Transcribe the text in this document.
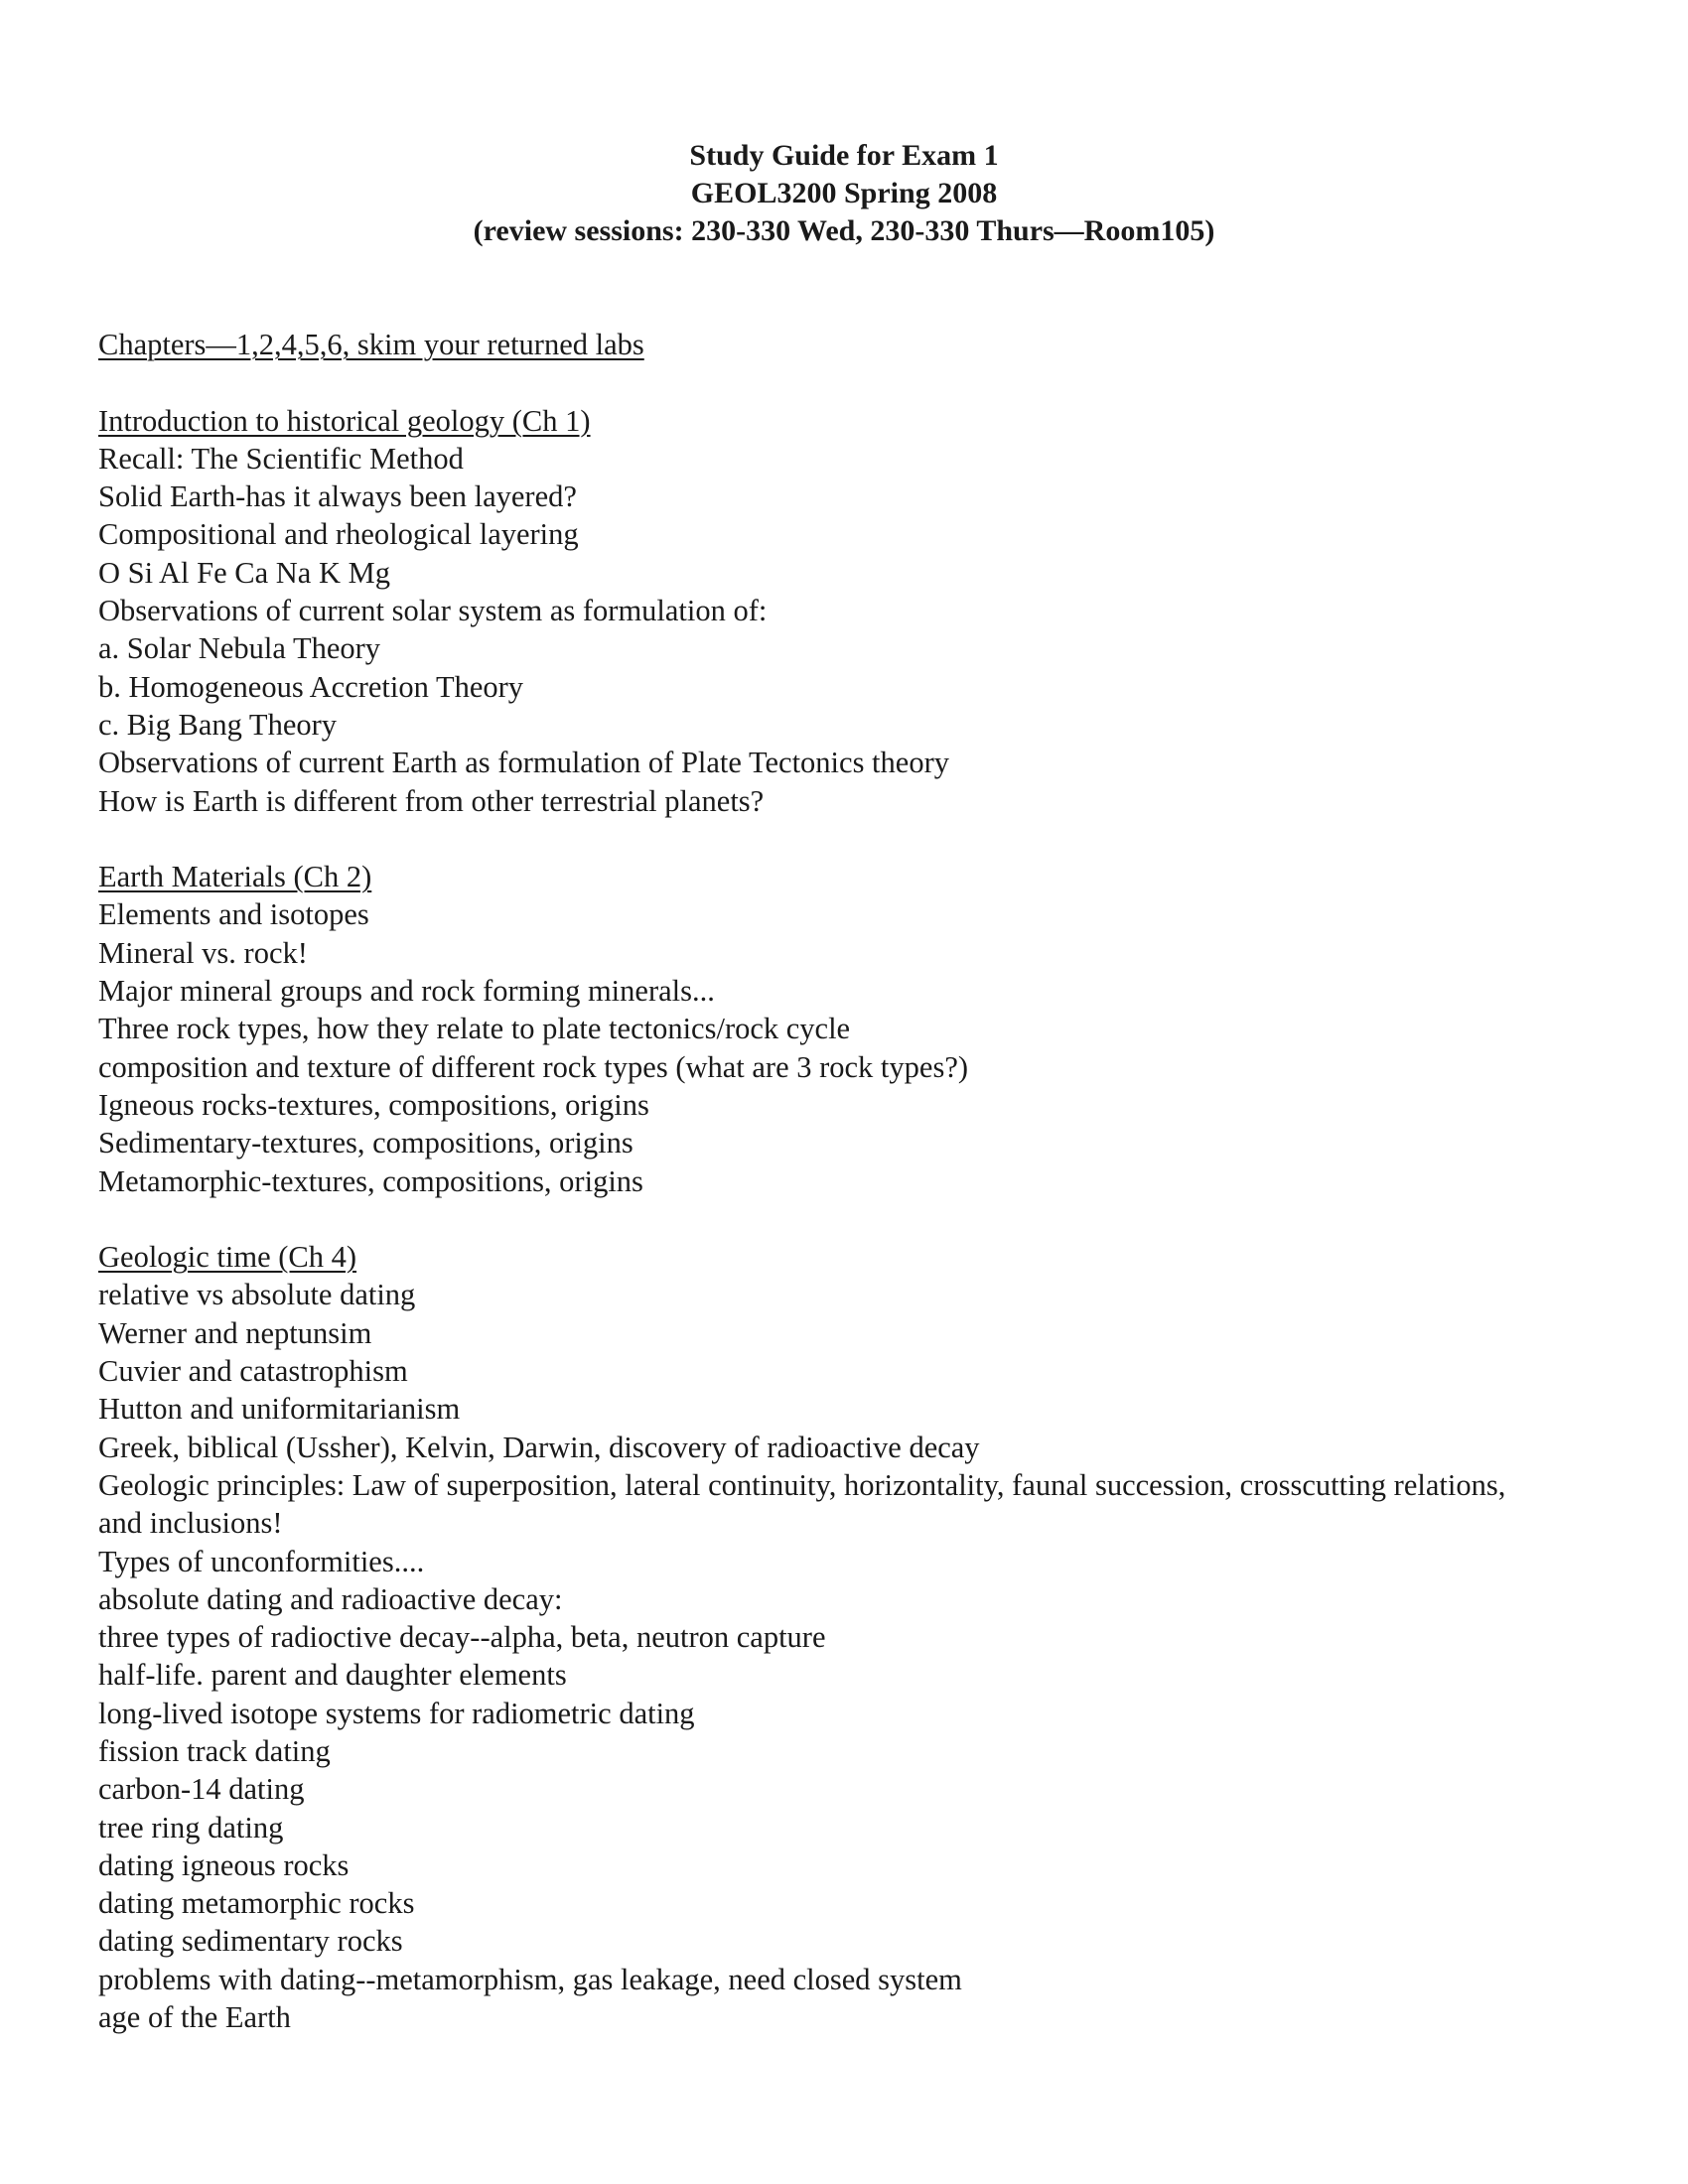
Study Guide for Exam 1
GEOL3200 Spring 2008
(review sessions: 230-330 Wed, 230-330 Thurs—Room105)
Chapters—1,2,4,5,6, skim your returned labs
Introduction to historical geology (Ch 1)
Recall: The Scientific Method
Solid Earth-has it always been layered?
Compositional and rheological layering
O Si Al Fe Ca Na K Mg
Observations of current solar system as formulation of:
a. Solar Nebula Theory
b. Homogeneous Accretion Theory
c. Big Bang Theory
Observations of current Earth as formulation of Plate Tectonics theory
How is Earth is different from other terrestrial planets?
Earth Materials (Ch 2)
Elements and isotopes
Mineral vs. rock!
Major mineral groups and rock forming minerals...
Three rock types, how they relate to plate tectonics/rock cycle
composition and texture of different rock types (what are 3 rock types?)
Igneous rocks-textures, compositions, origins
Sedimentary-textures, compositions, origins
Metamorphic-textures, compositions, origins
Geologic time (Ch 4)
relative vs absolute dating
Werner and neptunsim
Cuvier and catastrophism
Hutton and uniformitarianism
Greek, biblical (Ussher), Kelvin, Darwin, discovery of radioactive decay
Geologic principles: Law of superposition, lateral continuity, horizontality, faunal succession, crosscutting relations, and inclusions!
Types of unconformities....
absolute dating and radioactive decay:
three types of radioctive decay--alpha, beta, neutron capture
half-life. parent and daughter elements
long-lived isotope systems for radiometric dating
fission track dating
carbon-14 dating
tree ring dating
dating igneous rocks
dating metamorphic rocks
dating sedimentary rocks
problems with dating--metamorphism, gas leakage, need closed system
age of the Earth
